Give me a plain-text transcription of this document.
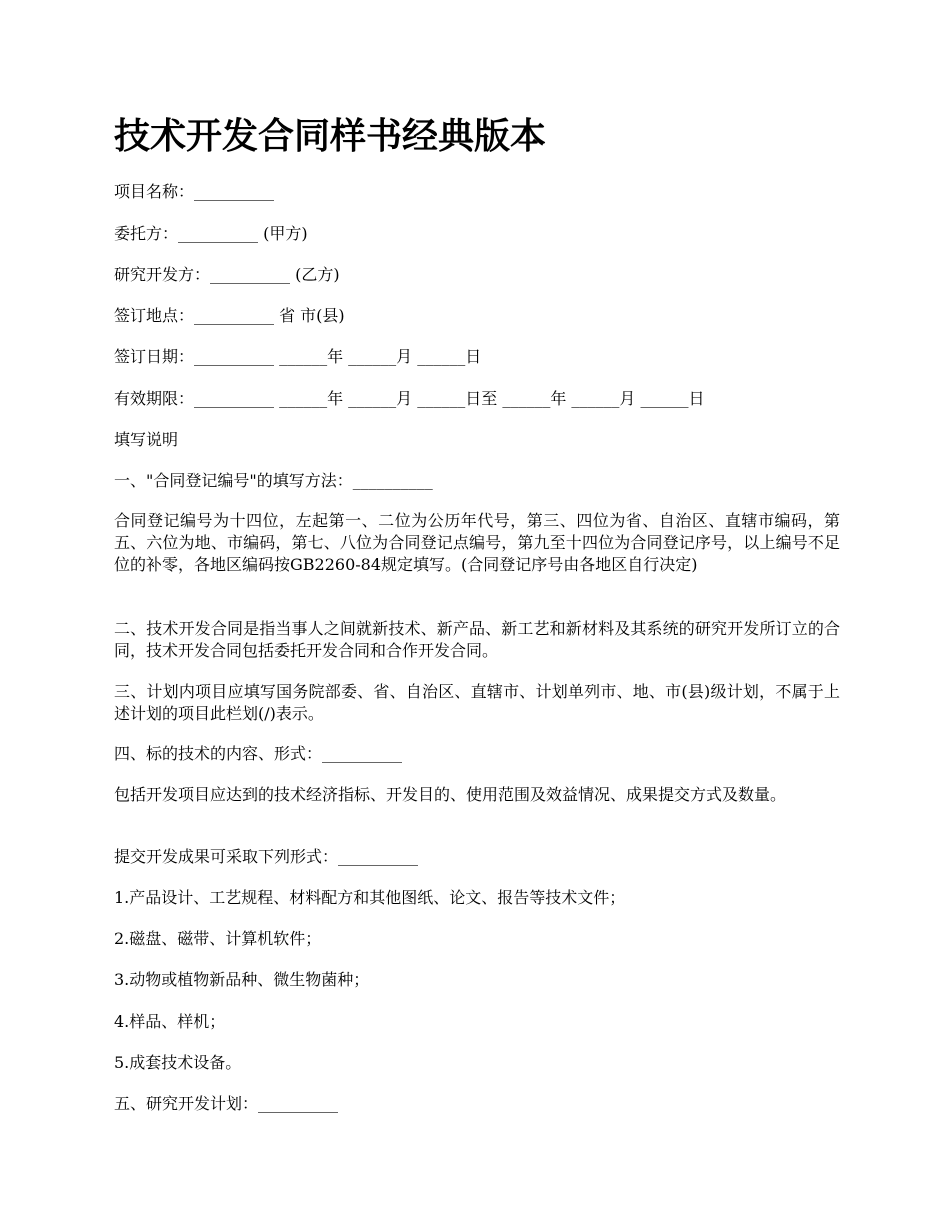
技术开发合同样书经典版本

项目名称：__________

委托方：__________ (甲方)

研究开发方：__________ (乙方)

签订地点：__________ 省 市(县)

签订日期：__________ ______年 ______月 ______日

有效期限：__________ ______年 ______月 ______日至 ______年 ______月 ______日

填写说明

一、"合同登记编号"的填写方法：__________

合同登记编号为十四位，左起第一、二位为公历年代号，第三、四位为省、自治区、直辖市编码，第五、六位为地、市编码，第七、八位为合同登记点编号，第九至十四位为合同登记序号，以上编号不足位的补零，各地区编码按GB2260-84规定填写。(合同登记序号由各地区自行决定)

二、技术开发合同是指当事人之间就新技术、新产品、新工艺和新材料及其系统的研究开发所订立的合同，技术开发合同包括委托开发合同和合作开发合同。

三、计划内项目应填写国务院部委、省、自治区、直辖市、计划单列市、地、市(县)级计划，不属于上述计划的项目此栏划(/)表示。

四、标的技术的内容、形式：__________

包括开发项目应达到的技术经济指标、开发目的、使用范围及效益情况、成果提交方式及数量。

提交开发成果可采取下列形式：__________

1.产品设计、工艺规程、材料配方和其他图纸、论文、报告等技术文件；

2.磁盘、磁带、计算机软件；

3.动物或植物新品种、微生物菌种；

4.样品、样机；

5.成套技术设备。

五、研究开发计划：__________
